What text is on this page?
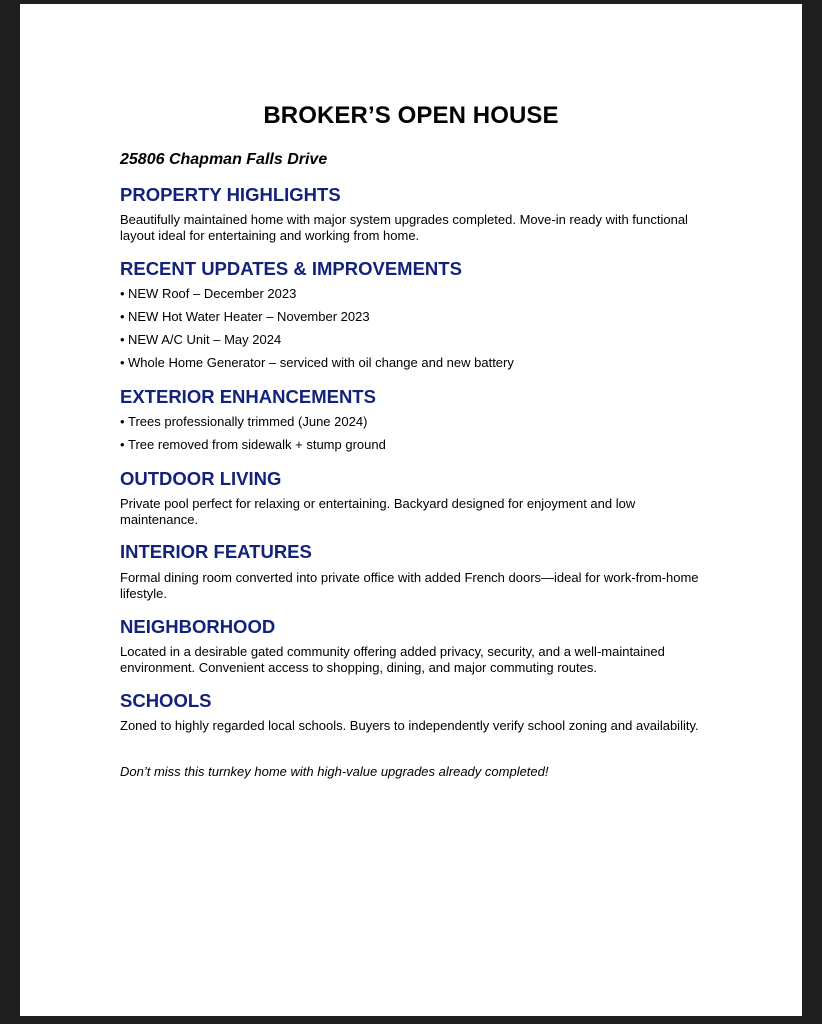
BROKER’S OPEN HOUSE

25806 Chapman Falls Drive

PROPERTY HIGHLIGHTS

Beautifully maintained home with major system upgrades completed. Move-in ready with functional layout ideal for entertaining and working from home.

RECENT UPDATES & IMPROVEMENTS

• NEW Roof – December 2023

• NEW Hot Water Heater – November 2023

• NEW A/C Unit – May 2024

• Whole Home Generator – serviced with oil change and new battery

EXTERIOR ENHANCEMENTS

• Trees professionally trimmed (June 2024)

• Tree removed from sidewalk + stump ground

OUTDOOR LIVING

Private pool perfect for relaxing or entertaining. Backyard designed for enjoyment and low maintenance.

INTERIOR FEATURES

Formal dining room converted into private office with added French doors—ideal for work-from-home lifestyle.

NEIGHBORHOOD

Located in a desirable gated community offering added privacy, security, and a well-maintained environment. Convenient access to shopping, dining, and major commuting routes.

SCHOOLS

Zoned to highly regarded local schools. Buyers to independently verify school zoning and availability.

Don’t miss this turnkey home with high-value upgrades already completed!
